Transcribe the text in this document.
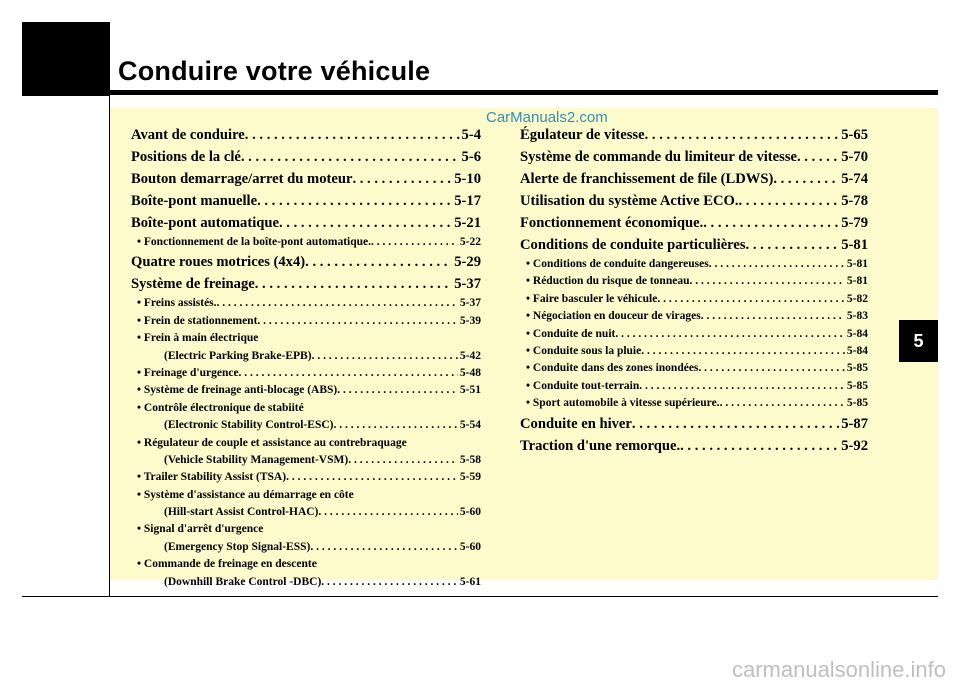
Conduire votre véhicule
CarManuals2.com
carmanualsonline.info
5
Avant de conduire . . .	5-4
Positions de la clé . . .	5-6
Bouton demarrage/arret du moteur . . .	5-10
Boîte-pont manuelle . . .	5-17
Boîte-pont automatique . . .	5-21
• Fonctionnement de la boîte-pont automatique. . . .	5-22
Quatre roues motrices (4x4) . . .	5-29
Système de freinage . . .	5-37
• Freins assistés. . . .	5-37
• Frein de stationnement . . .	5-39
• Frein à main électrique
(Electric Parking Brake-EPB) . . .	5-42
• Freinage d'urgence . . .	5-48
• Système de freinage anti-blocage (ABS) . . .	5-51
• Contrôle électronique de stabiité
(Electronic Stability Control-ESC) . . .	5-54
• Régulateur de couple et assistance au contrebraquage
(Vehicle Stability Management-VSM) . . .	5-58
• Trailer Stability Assist (TSA) . . .	5-59
• Système d'assistance au démarrage en côte
(Hill-start Assist Control-HAC) . . .	5-60
• Signal d'arrêt d'urgence
(Emergency Stop Signal-ESS) . . .	5-60
• Commande de freinage en descente
(Downhill Brake Control -DBC) . . .	5-61
Égulateur de vitesse . . .	5-65
Système de commande du limiteur de vitesse . . .	5-70
Alerte de franchissement de file (LDWS) . . .	5-74
Utilisation du système Active ECO. . . .	5-78
Fonctionnement économique. . . .	5-79
Conditions de conduite particulières . . .	5-81
• Conditions de conduite dangereuses . . .	5-81
• Réduction du risque de tonneau . . .	5-81
• Faire basculer le véhicule . . .	5-82
• Négociation en douceur de virages . . .	5-83
• Conduite de nuit . . .	5-84
• Conduite sous la pluie . . .	5-84
• Conduite dans des zones inondées . . .	5-85
• Conduite tout-terrain . . .	5-85
• Sport automobile à vitesse supérieure. . . .	5-85
Conduite en hiver . . .	5-87
Traction d'une remorque. . . .	5-92
